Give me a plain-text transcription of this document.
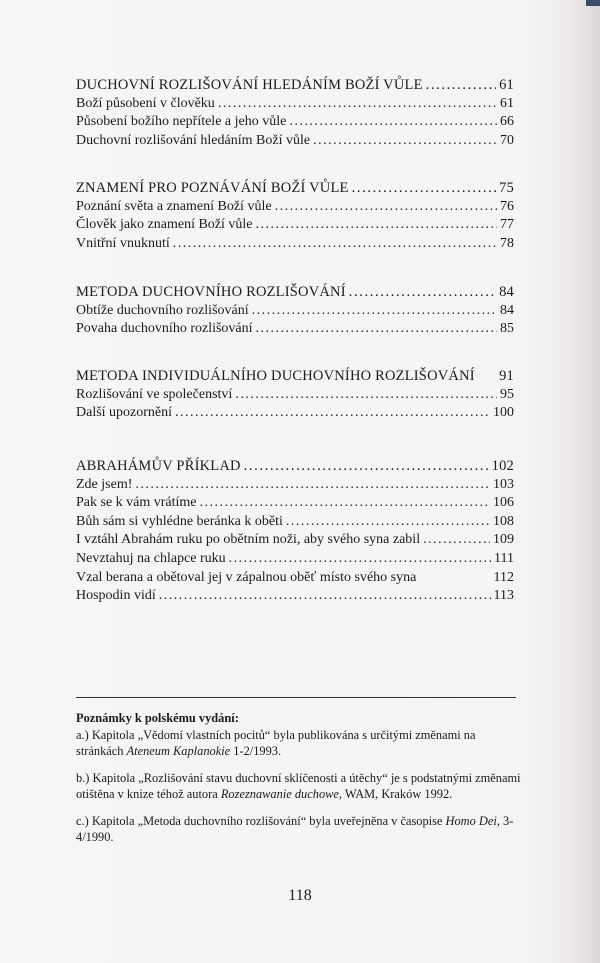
DUCHOVNÍ ROZLIŠOVÁNÍ HLEDÁNÍM BOŽÍ VŮLE . . .	61
Boží působení v člověku . . .	61
Působení božího nepřítele a jeho vůle . . .	66
Duchovní rozlišování hledáním Boží vůle . . .	70
ZNAMENÍ PRO POZNÁVÁNÍ BOŽÍ VŮLE . . .	75
Poznání světa a znamení Boží vůle . . .	76
Člověk jako znamení Boží vůle . . .	77
Vnitřní vnuknutí . . .	78
METODA DUCHOVNÍHO ROZLIŠOVÁNÍ . . .	84
Obtíže duchovního rozlišování . . .	84
Povaha duchovního rozlišování . . .	85
METODA INDIVIDUÁLNÍHO DUCHOVNÍHO ROZLIŠOVÁNÍ 91
Rozlišování ve společenství . . .	95
Další upozornění . . .	100
ABRAHÁMŮV PŘÍKLAD . . .	102
Zde jsem! . . .	103
Pak se k vám vrátíme . . .	106
Bůh sám si vyhlédne beránka k oběti . . .	108
I vztáhl Abrahám ruku po obětním noži, aby svého syna zabil . . .	109
Nevztahuj na chlapce ruku . . .	111
Vzal berana a obětoval jej v zápalnou oběť místo svého syna	112
Hospodin vidí . . .	113
Poznámky k polskému vydání:

a.) Kapitola „Vědomí vlastních pocitů“ byla publikována s určitými změnami na stránkách Ateneum Kaplanokie 1-2/1993.

b.) Kapitola „Rozlišování stavu duchovní sklíčenosti a útěchy“ je s podstatnými změnami otištěna v knize téhož autora Rozeznawanie duchowe, WAM, Kraków 1992.

c.) Kapitola „Metoda duchovního rozlišování“ byla uveřejněna v časopise Homo Dei, 3-4/1990.

118
